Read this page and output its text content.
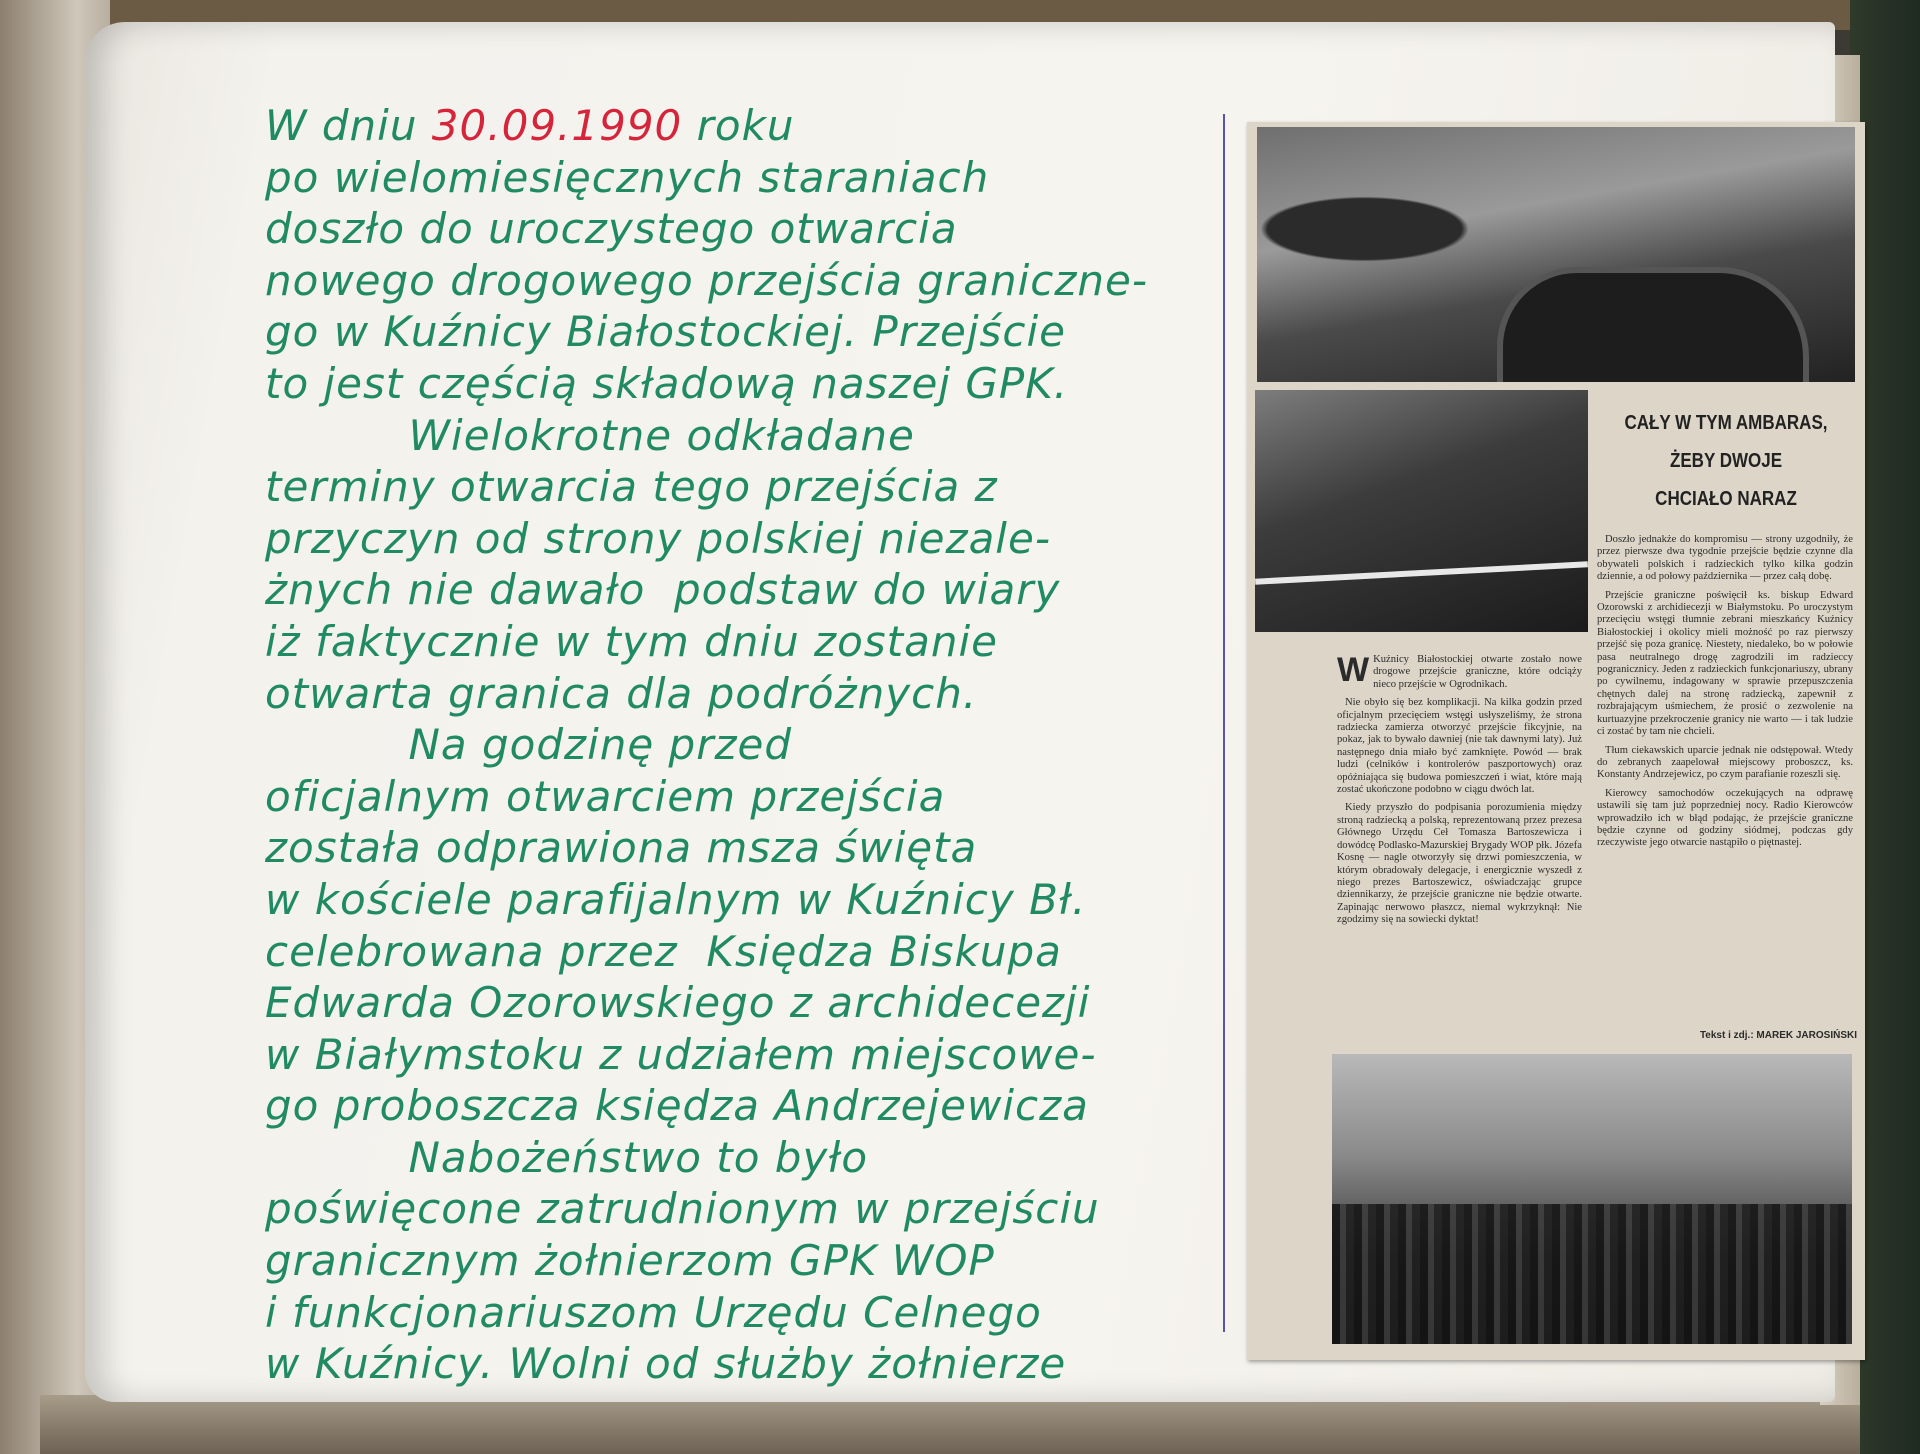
W dniu 30.09.1990 roku
po wielomiesięcznych staraniach
doszło do uroczystego otwarcia
nowego drogowego przejścia graniczne-
go w Kuźnicy Białostockiej. Przejście
to jest częścią składową naszej GPK.
Wielokrotne odkładane
terminy otwarcia tego przejścia z
przyczyn od strony polskiej niezale-
żnych nie dawało  podstaw do wiary
iż faktycznie w tym dniu zostanie
otwarta granica dla podróżnych.
Na godzinę przed
oficjalnym otwarciem przejścia
została odprawiona msza święta
w kościele parafijalnym w Kuźnicy Bł.
celebrowana przez  Księdza Biskupa
Edwarda Ozorowskiego z archidecezji
w Białymstoku z udziałem miejscowe-
go proboszcza księdza Andrzejewicza
Nabożeństwo to było
poświęcone zatrudnionym w przejściu
granicznym żołnierzom GPK WOP
i funkcjonariuszom Urzędu Celnego
w Kuźnicy. Wolni od służby żołnierze
CAŁY W TYM AMBARAS,
ŻEBY DWOJE
CHCIAŁO NARAZ

Doszło jednakże do kompromisu — strony uzgodniły, że przez pierwsze dwa tygodnie przejście będzie czynne dla obywateli polskich i radzieckich tylko kilka godzin dziennie, a od połowy października — przez całą dobę.

Przejście graniczne poświęcił ks. biskup Edward Ozorowski z archidiecezji w Białymstoku. Po uroczystym przecięciu wstęgi tłumnie zebrani mieszkańcy Kuźnicy Białostockiej i okolicy mieli możność po raz pierwszy przejść się poza granicę. Niestety, niedaleko, bo w połowie pasa neutralnego drogę zagrodzili im radzieccy pogranicznicy. Jeden z radzieckich funkcjonariuszy, ubrany po cywilnemu, indagowany w sprawie przepuszczenia chętnych dalej na stronę radziecką, zapewnił z rozbrajającym uśmiechem, że prosić o zezwolenie na kurtuazyjne przekroczenie granicy nie warto — i tak ludzie ci zostać by tam nie chcieli.

Tłum ciekawskich uparcie jednak nie odstępował. Wtedy do zebranych zaapelował miejscowy proboszcz, ks. Konstanty Andrzejewicz, po czym parafianie rozeszli się.

Kierowcy samochodów oczekujących na odprawę ustawili się tam już poprzedniej nocy. Radio Kierowców wprowadziło ich w błąd podając, że przejście graniczne będzie czynne od godziny siódmej, podczas gdy rzeczywiste jego otwarcie nastąpiło o piętnastej.

W Kuźnicy Białostockiej otwarte zostało nowe drogowe przejście graniczne, które odciąży nieco przejście w Ogrodnikach.

Nie obyło się bez komplikacji. Na kilka godzin przed oficjalnym przecięciem wstęgi usłyszeliśmy, że strona radziecka zamierza otworzyć przejście fikcyjnie, na pokaz, jak to bywało dawniej (nie tak dawnymi laty). Już następnego dnia miało być zamknięte. Powód — brak ludzi (celników i kontrolerów paszportowych) oraz opóźniająca się budowa pomieszczeń i wiat, które mają zostać ukończone podobno w ciągu dwóch lat.

Kiedy przyszło do podpisania porozumienia między stroną radziecką a polską, reprezentowaną przez prezesa Głównego Urzędu Ceł Tomasza Bartoszewicza i dowódcę Podlasko-Mazurskiej Brygady WOP płk. Józefa Kosnę — nagle otworzyły się drzwi pomieszczenia, w którym obradowały delegacje, i energicznie wyszedł z niego prezes Bartoszewicz, oświadczając grupce dziennikarzy, że przejście graniczne nie będzie otwarte. Zapinając nerwowo płaszcz, niemal wykrzyknął: Nie zgodzimy się na sowiecki dyktat!

Tekst i zdj.: MAREK JAROSIŃSKI
